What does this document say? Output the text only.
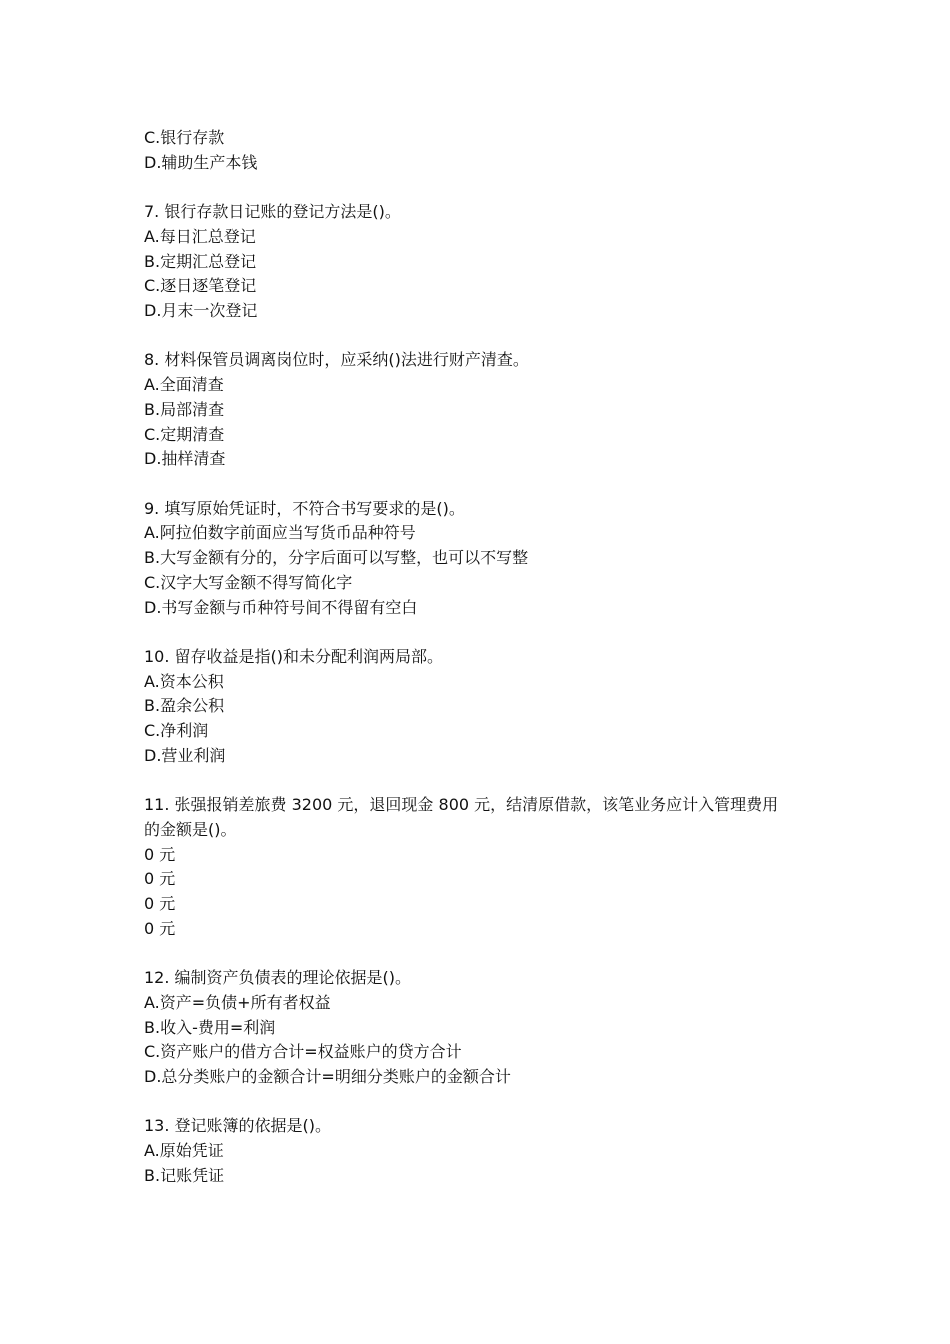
C.银行存款
D.辅助生产本钱
7. 银行存款日记账的登记方法是()。
A.每日汇总登记
B.定期汇总登记
C.逐日逐笔登记
D.月末一次登记
8. 材料保管员调离岗位时，应采纳()法进行财产清查。
A.全面清查
B.局部清查
C.定期清查
D.抽样清查
9. 填写原始凭证时，不符合书写要求的是()。
A.阿拉伯数字前面应当写货币品种符号
B.大写金额有分的，分字后面可以写整，也可以不写整
C.汉字大写金额不得写简化字
D.书写金额与币种符号间不得留有空白
10. 留存收益是指()和未分配利润两局部。
A.资本公积
B.盈余公积
C.净利润
D.营业利润
11. 张强报销差旅费 3200 元，退回现金 800 元，结清原借款，该笔业务应计入管理费用
的金额是()。
0 元
0 元
0 元
0 元
12. 编制资产负债表的理论依据是()。
A.资产=负债+所有者权益
B.收入-费用=利润
C.资产账户的借方合计=权益账户的贷方合计
D.总分类账户的金额合计=明细分类账户的金额合计
13. 登记账簿的依据是()。
A.原始凭证
B.记账凭证
